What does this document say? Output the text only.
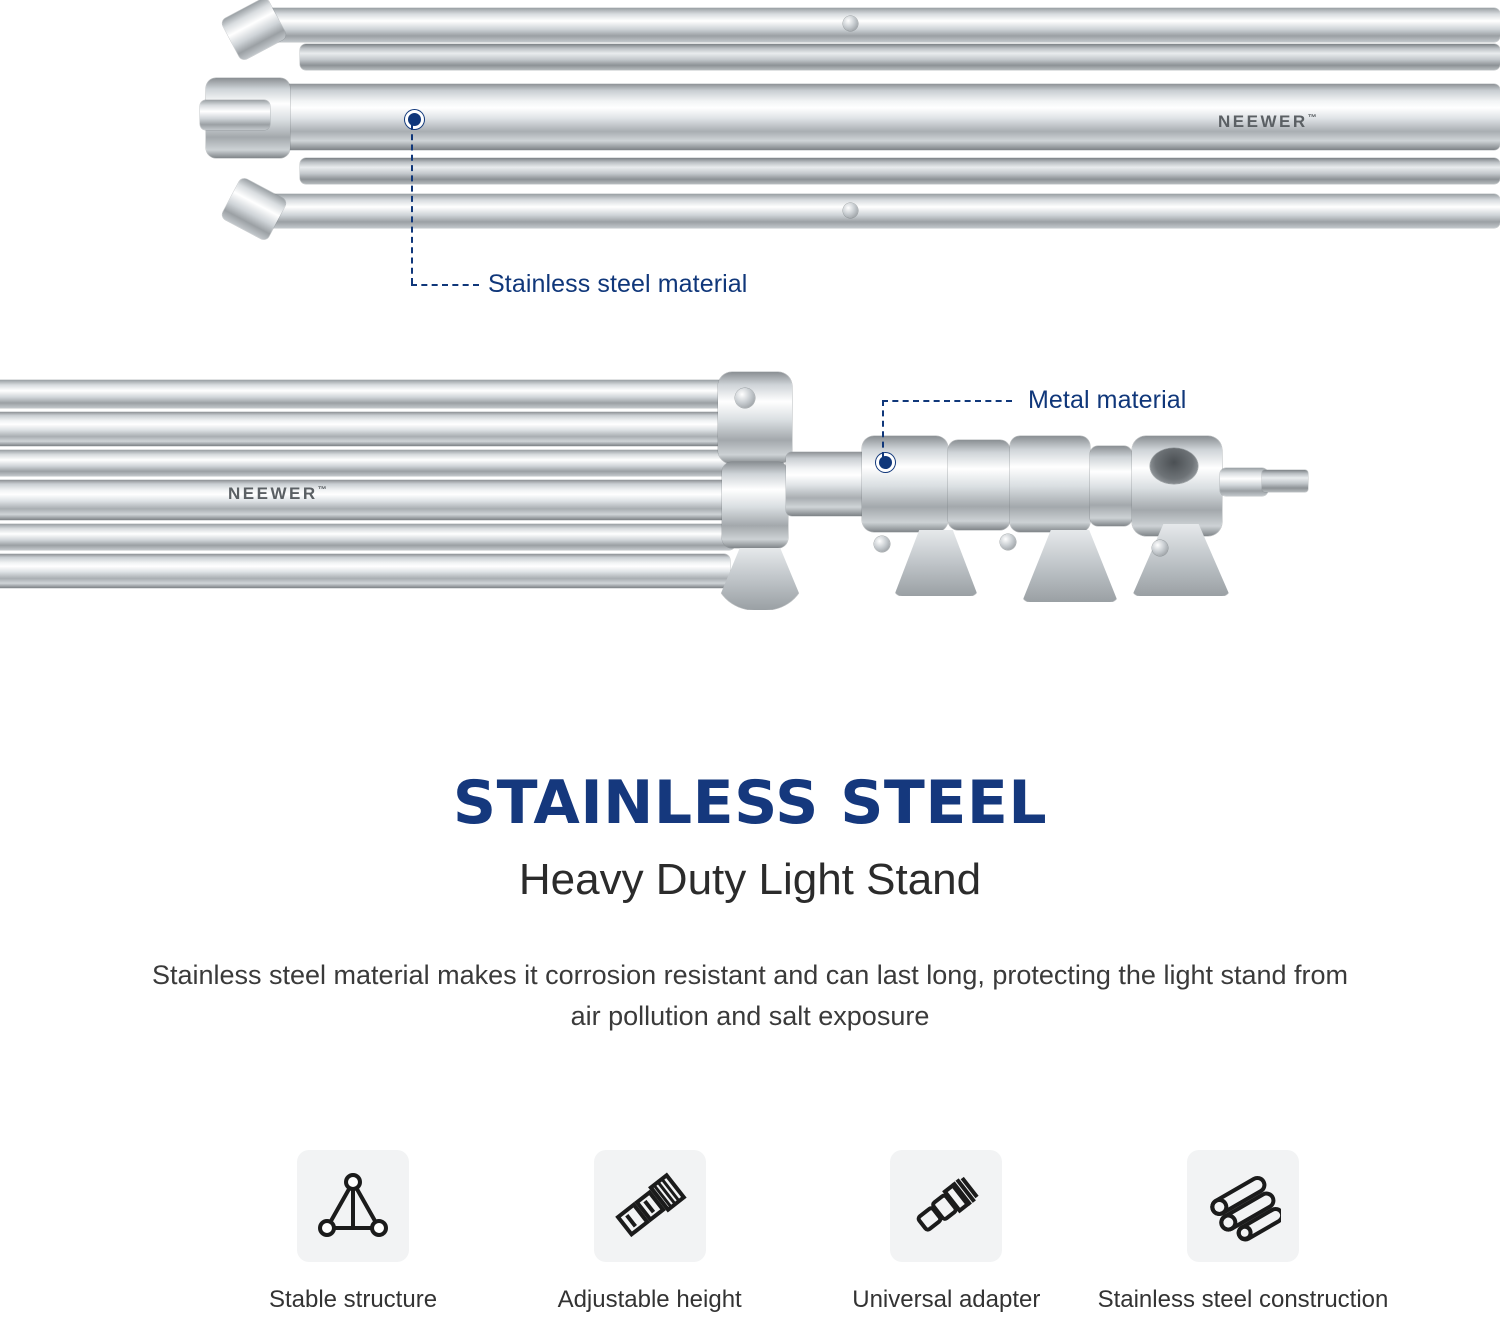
NEEWER™
Stainless steel material
NEEWER™
Metal material
STAINLESS STEEL
Heavy Duty Light Stand
Stainless steel material makes it corrosion resistant and can last long, protecting the light stand from air pollution and salt exposure
Stable structure	Adjustable height	Universal adapter Stainless steel construction
